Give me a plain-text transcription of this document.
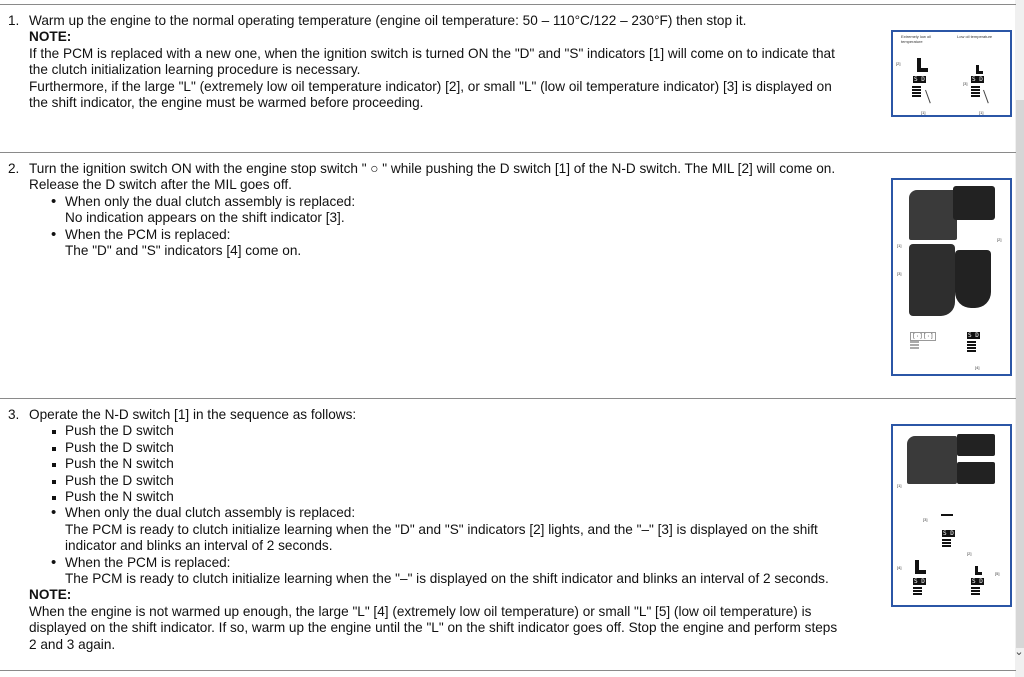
⌄
1. Warm up the engine to the normal operating temperature (engine oil temperature: 50 – 110°C/122 – 230°F) then stop it.
NOTE:
If the PCM is replaced with a new one, when the ignition switch is turned ON the "D" and "S" indicators [1] will come on to indicate that
the clutch initialization learning procedure is necessary.
Furthermore, if the large "L" (extremely low oil temperature indicator) [2], or small "L" (low oil temperature indicator) [3] is displayed on
the shift indicator, the engine must be warmed before proceeding.
Extremely low oil temperature
Low oil temperature
[2]
[3]
[1]	[1]
S D	S D
2. Turn the ignition switch ON with the engine stop switch " ○ " while pushing the D switch [1] of the N-D switch. The MIL [2] will come on.
Release the D switch after the MIL goes off.
• When only the dual clutch assembly is replaced:
No indication appears on the shift indicator [3].
• When the PCM is replaced:
The "D" and "S" indicators [4] come on.	[1]
[2]
[3]
[4]
[·][·]	S D
3. Operate the N-D switch [1] in the sequence as follows:
Push the D switch
Push the D switch
Push the N switch
Push the D switch
Push the N switch
• When only the dual clutch assembly is replaced:
The PCM is ready to clutch initialize learning when the "D" and "S" indicators [2] lights, and the "–" [3] is displayed on the shift
indicator and blinks an interval of 2 seconds.
• When the PCM is replaced:
The PCM is ready to clutch initialize learning when the "–" is displayed on the shift indicator and blinks an interval of 2 seconds.
NOTE:
When the engine is not warmed up enough, the large "L" [4] (extremely low oil temperature) or small "L" [5] (low oil temperature) is
displayed on the shift indicator. If so, warm up the engine until the "L" on the shift indicator goes off. Stop the engine and perform steps
2 and 3 again.
[1]
[3]
[2]
[4]
S D
[5]
S D	S D
